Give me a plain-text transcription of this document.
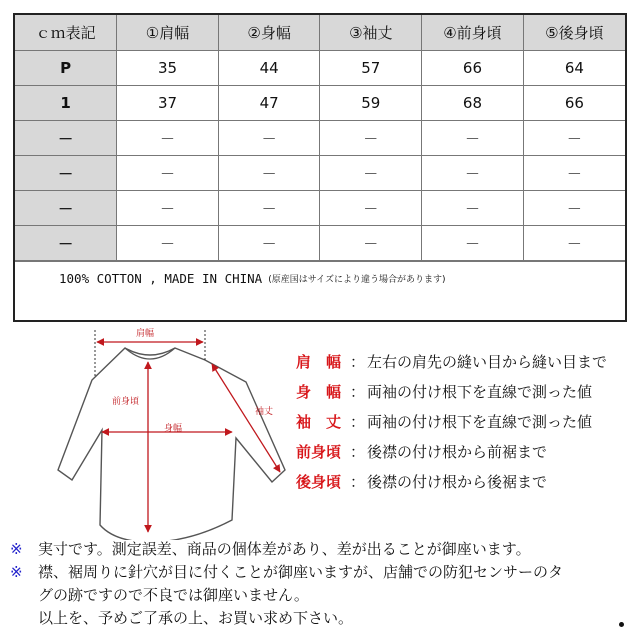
ｃｍ表記	①肩幅	②身幅	③袖丈	④前身頃	⑤後身頃
P	35	44	57	66	64
1	37	47	59	68	66
－	－	－	－	－	－
－	－	－	－	－	－
－	－	－	－	－	－
－	－	－	－	－	－
100% COTTON , MADE IN CHINA (原産国はサイズにより違う場合があります)
肩幅
前身頃
身幅
袖丈
肩　幅 ： 左右の肩先の縫い目から縫い目まで
身　幅 ： 両袖の付け根下を直線で測った値
袖　丈 ： 両袖の付け根下を直線で測った値
前身頃 ： 後襟の付け根から前裾まで
後身頃 ： 後襟の付け根から後裾まで
※ 実寸です。測定誤差、商品の個体差があり、差が出ることが御座います。
※ 襟、裾周りに針穴が目に付くことが御座いますが、店舗での防犯センサーのタ
グの跡ですので不良では御座いません。
以上を、予めご了承の上、お買い求め下さい。
